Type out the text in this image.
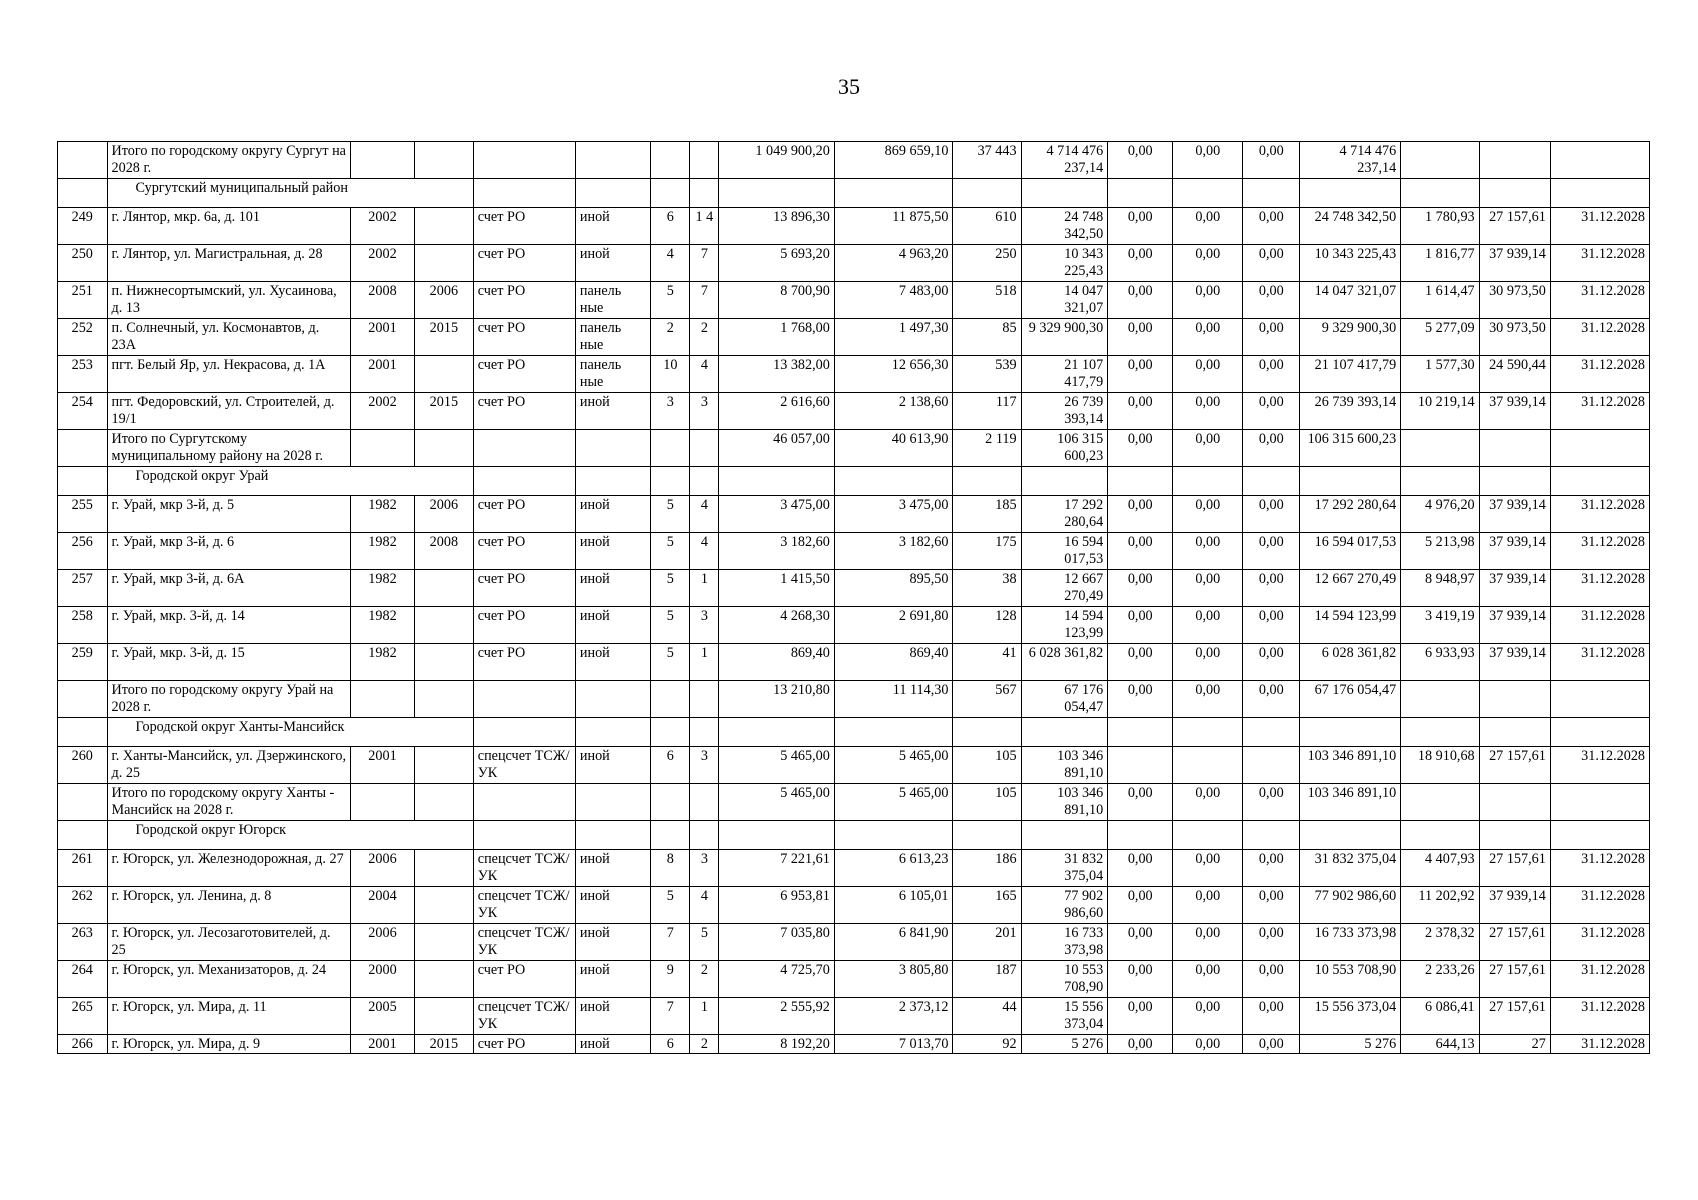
35
	Итого по городскому округу Сургут на 2028 г.							1 049 900,20	869 659,10	37 443	4 714 476 237,14	0,00	0,00	0,00	4 714 476 237,14			
	Сургутский муниципальный район																	
249	г. Лянтор, мкр. 6а, д. 101	2002		счет РО	иной	6	1 4	13 896,30	11 875,50	610	24 748 342,50	0,00	0,00	0,00	24 748 342,50	1 780,93	27 157,61	31.12.2028
250	г. Лянтор, ул. Магистральная, д. 28	2002		счет РО	иной	4	7	5 693,20	4 963,20	250	10 343 225,43	0,00	0,00	0,00	10 343 225,43	1 816,77	37 939,14	31.12.2028
251	п. Нижнесортымский, ул. Хусаинова, д. 13	2008	2006	счет РО	панель ные	5	7	8 700,90	7 483,00	518	14 047 321,07	0,00	0,00	0,00	14 047 321,07	1 614,47	30 973,50	31.12.2028
252	п. Солнечный, ул. Космонавтов, д. 23А	2001	2015	счет РО	панель ные	2	2	1 768,00	1 497,30	85	9 329 900,30	0,00	0,00	0,00	9 329 900,30	5 277,09	30 973,50	31.12.2028
253	пгт. Белый Яр, ул. Некрасова, д. 1А	2001		счет РО	панель ные	10	4	13 382,00	12 656,30	539	21 107 417,79	0,00	0,00	0,00	21 107 417,79	1 577,30	24 590,44	31.12.2028
254	пгт. Федоровский, ул. Строителей, д. 19/1	2002	2015	счет РО	иной	3	3	2 616,60	2 138,60	117	26 739 393,14	0,00	0,00	0,00	26 739 393,14	10 219,14	37 939,14	31.12.2028
	Итого по Сургутскому муниципальному району на 2028 г.							46 057,00	40 613,90	2 119	106 315 600,23	0,00	0,00	0,00	106 315 600,23			
	Городской округ Урай																	
255	г. Урай, мкр 3-й, д. 5	1982	2006	счет РО	иной	5	4	3 475,00	3 475,00	185	17 292 280,64	0,00	0,00	0,00	17 292 280,64	4 976,20	37 939,14	31.12.2028
256	г. Урай, мкр 3-й, д. 6	1982	2008	счет РО	иной	5	4	3 182,60	3 182,60	175	16 594 017,53	0,00	0,00	0,00	16 594 017,53	5 213,98	37 939,14	31.12.2028
257	г. Урай, мкр 3-й, д. 6А	1982		счет РО	иной	5	1	1 415,50	895,50	38	12 667 270,49	0,00	0,00	0,00	12 667 270,49	8 948,97	37 939,14	31.12.2028
258	г. Урай, мкр. 3-й, д. 14	1982		счет РО	иной	5	3	4 268,30	2 691,80	128	14 594 123,99	0,00	0,00	0,00	14 594 123,99	3 419,19	37 939,14	31.12.2028
259	г. Урай, мкр. 3-й, д. 15	1982		счет РО	иной	5	1	869,40	869,40	41	6 028 361,82	0,00	0,00	0,00	6 028 361,82	6 933,93	37 939,14	31.12.2028
	Итого по городскому округу Урай на 2028 г.							13 210,80	11 114,30	567	67 176 054,47	0,00	0,00	0,00	67 176 054,47			
	Городской округ Ханты-Мансийск																	
260	г. Ханты-Мансийск, ул. Дзержинского, д. 25	2001		спецсчет ТСЖ/УК	иной	6	3	5 465,00	5 465,00	105	103 346 891,10				103 346 891,10	18 910,68	27 157,61	31.12.2028
	Итого по городскому округу Ханты - Мансийск на 2028 г.							5 465,00	5 465,00	105	103 346 891,10	0,00	0,00	0,00	103 346 891,10			
	Городской округ Югорск																	
261	г. Югорск, ул. Железнодорожная, д. 27	2006		спецсчет ТСЖ/УК	иной	8	3	7 221,61	6 613,23	186	31 832 375,04	0,00	0,00	0,00	31 832 375,04	4 407,93	27 157,61	31.12.2028
262	г. Югорск, ул. Ленина, д. 8	2004		спецсчет ТСЖ/УК	иной	5	4	6 953,81	6 105,01	165	77 902 986,60	0,00	0,00	0,00	77 902 986,60	11 202,92	37 939,14	31.12.2028
263	г. Югорск, ул. Лесозаготовителей, д. 25	2006		спецсчет ТСЖ/УК	иной	7	5	7 035,80	6 841,90	201	16 733 373,98	0,00	0,00	0,00	16 733 373,98	2 378,32	27 157,61	31.12.2028
264	г. Югорск, ул. Механизаторов, д. 24	2000		счет РО	иной	9	2	4 725,70	3 805,80	187	10 553 708,90	0,00	0,00	0,00	10 553 708,90	2 233,26	27 157,61	31.12.2028
265	г. Югорск, ул. Мира, д. 11	2005		спецсчет ТСЖ/УК	иной	7	1	2 555,92	2 373,12	44	15 556 373,04	0,00	0,00	0,00	15 556 373,04	6 086,41	27 157,61	31.12.2028
266	г. Югорск, ул. Мира, д. 9	2001	2015	счет РО	иной	6	2	8 192,20	7 013,70	92	5 276	0,00	0,00	0,00	5 276	644,13	27	31.12.2028
